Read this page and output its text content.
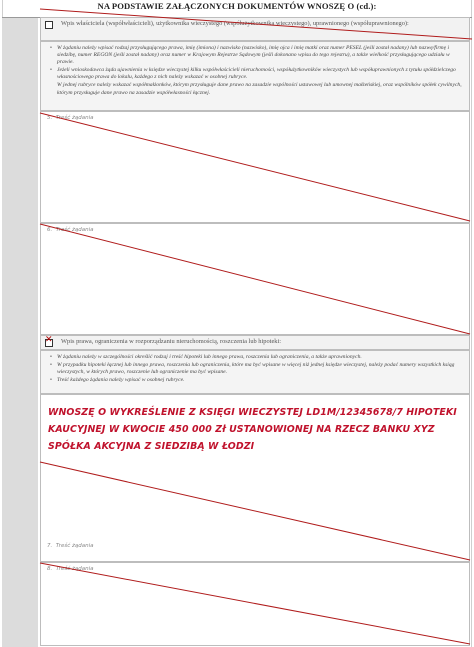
NA PODSTAWIE ZAŁĄCZONYCH DOKUMENTÓW WNOSZĘ O (cd.):
Wpis właściciela (współwłaścicieli), użytkownika wieczystego (współużytkownika wieczystego), uprawnionego (współuprawnionego):

• W żądaniu należy wpisać rodzaj przysługującego prawa, imię (imiona) i nazwisko (nazwisko), imię ojca i imię matki oraz numer PESEL (jeśli został nadany) lub nazwę/firmę i siedzibę, numer REGON (jeśli został nadany) oraz numer w Krajowym Rejestrze Sądowym (jeśli dokonano wpisu do tego rejestru), a także wielkość przysługującego udziału w prawie.

• Jeżeli wnioskodawca żąda ujawnienia w księdze wieczystej kilku współwłaścicieli nieruchomości, współużytkowników wieczystych lub współuprawnionych z tytułu spółdzielczego własnościowego prawa do lokalu, każdego z nich należy wskazać w osobnej rubryce.

W jednej rubryce należy wskazać współmałżonków, którym przysługuje dane prawo na zasadzie wspólności ustawowej lub umownej małżeńskiej, oraz wspólników spółek cywilnych, którym przysługuje dane prawo na zasadzie współwłasności łącznej.

5. Treść żądania
6. Treść żądania
✕
Wpis prawa, ograniczenia w rozporządzaniu nieruchomością, roszczenia lub hipoteki:

• W żądaniu należy w szczególności określić rodzaj i treść hipoteki lub innego prawa, roszczenia lub ograniczenia, a także uprawnionych.

• W przypadku hipoteki łącznej lub innego prawa, roszczenia lub ograniczenia, które ma być wpisane w więcej niż jednej księdze wieczystej, należy podać numery wszystkich ksiąg wieczystych, w których prawo, roszczenie lub ograniczenie ma być wpisane.

• Treść każdego żądania należy wpisać w osobnej rubryce.

7. Treść żądania
WNOSZĘ O WYKREŚLENIE Z KSIĘGI WIECZYSTEJ LD1M/12345678/7 HIPOTEKI KAUCYJNEJ W KWOCIE 450 000 Zł USTANOWIONEJ NA RZECZ BANKU XYZ SPÓŁKA AKCYJNA Z SIEDZIBĄ W ŁODZI
8. Treść żądania
